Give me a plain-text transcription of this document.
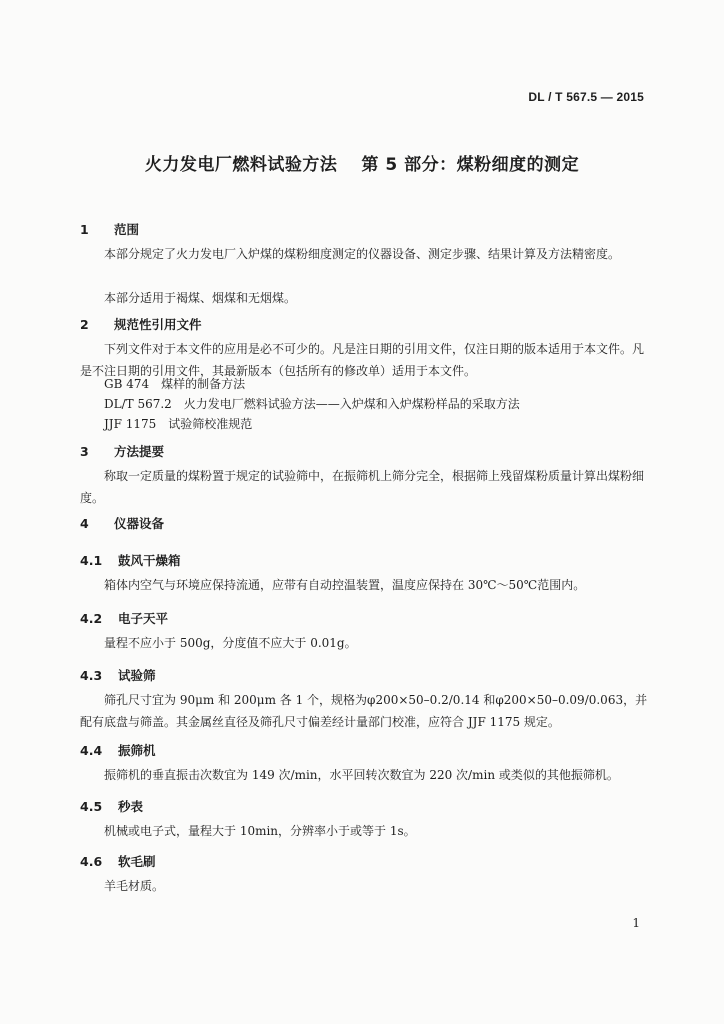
DL / T 567.5 — 2015
火力发电厂燃料试验方法 第 5 部分：煤粉细度的测定
1 范围
本部分规定了火力发电厂入炉煤的煤粉细度测定的仪器设备、测定步骤、结果计算及方法精密度。
本部分适用于褐煤、烟煤和无烟煤。
2 规范性引用文件
下列文件对于本文件的应用是必不可少的。凡是注日期的引用文件，仅注日期的版本适用于本文件。凡是不注日期的引用文件，其最新版本（包括所有的修改单）适用于本文件。
GB 474　煤样的制备方法
DL/T 567.2　火力发电厂燃料试验方法——入炉煤和入炉煤粉样品的采取方法
JJF 1175　试验筛校准规范
3 方法提要
称取一定质量的煤粉置于规定的试验筛中，在振筛机上筛分完全，根据筛上残留煤粉质量计算出煤粉细度。
4 仪器设备
4.1 鼓风干燥箱
箱体内空气与环境应保持流通，应带有自动控温装置，温度应保持在 30℃～50℃范围内。
4.2 电子天平
量程不应小于 500g，分度值不应大于 0.01g。
4.3 试验筛
筛孔尺寸宜为 90μm 和 200μm 各 1 个，规格为φ200×50–0.2/0.14 和φ200×50–0.09/0.063，并配有底盘与筛盖。其金属丝直径及筛孔尺寸偏差经计量部门校准，应符合 JJF 1175 规定。
4.4 振筛机
振筛机的垂直振击次数宜为 149 次/min，水平回转次数宜为 220 次/min 或类似的其他振筛机。
4.5 秒表
机械或电子式，量程大于 10min，分辨率小于或等于 1s。
4.6 软毛刷
羊毛材质。
1
